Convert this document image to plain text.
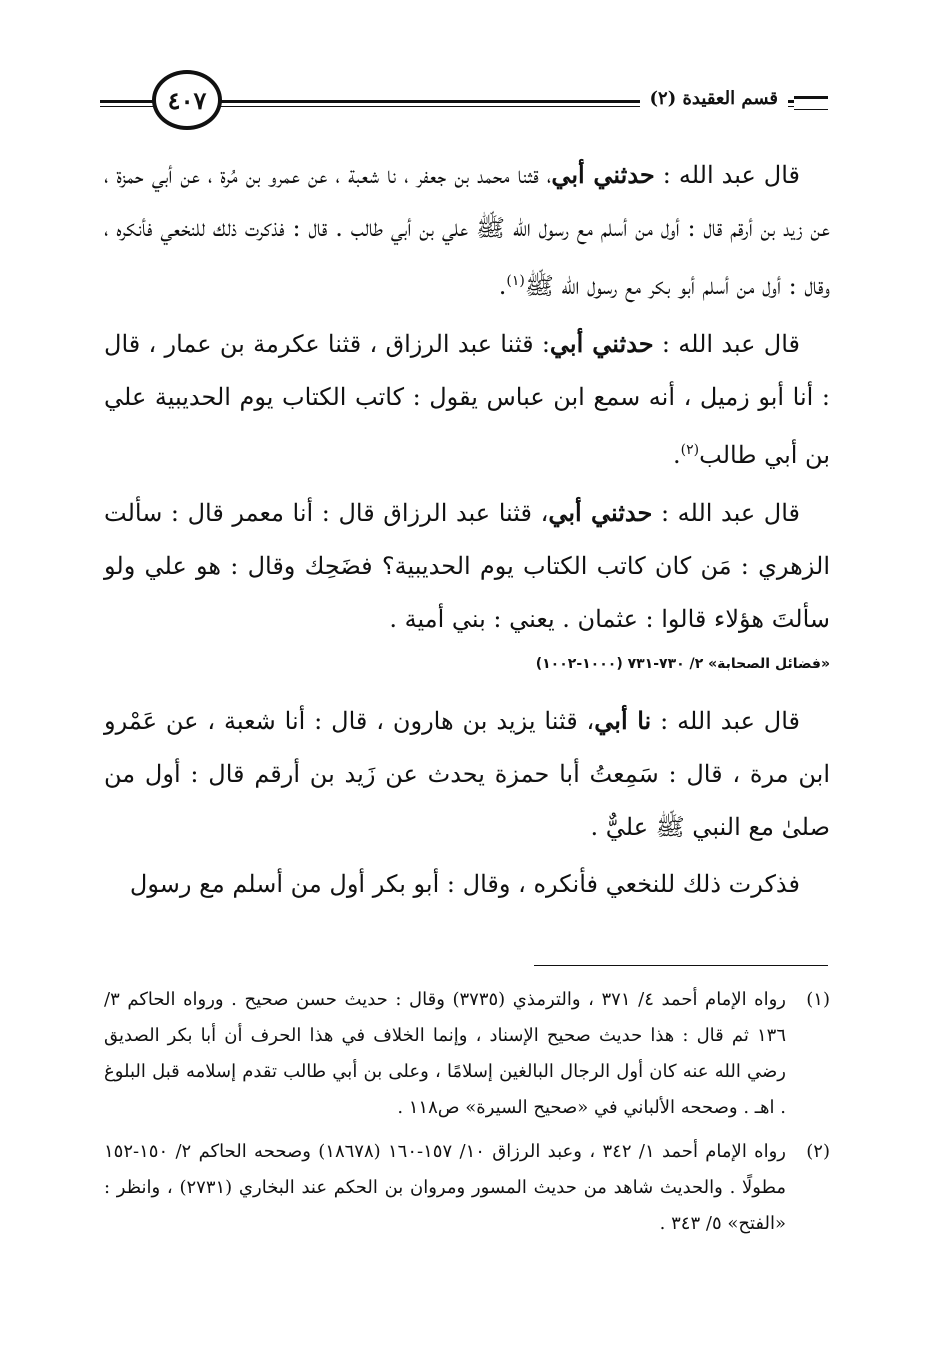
قسم العقيدة (٢)
٤٠٧

قال عبد الله : حدثني أبي، قثنا محمد بن جعفر ، نا شعبة ، عن عمرو بن مُرة ، عن أبي حمزة ، عن زيد بن أرقم قال : أول من أسلم مع رسول الله ﷺ علي بن أبي طالب . قال : فذكرت ذلك للنخعي فأنكره ، وقال : أول من أسلم أبو بكر مع رسول الله ﷺ$^{(١)}$.

قال عبد الله : حدثني أبي: قثنا عبد الرزاق ، قثنا عكرمة بن عمار ، قال : أنا أبو زميل ، أنه سمع ابن عباس يقول : كاتب الكتاب يوم الحديبية علي بن أبي طالب$^{(٢)}$.

قال عبد الله : حدثني أبي، قثنا عبد الرزاق قال : أنا معمر قال : سألت الزهري : مَن كان كاتب الكتاب يوم الحديبية؟ فضَحِك وقال : هو علي ولو سألتَ هؤلاء قالوا : عثمان . يعني : بني أمية .

«فضائل الصحابة» ٢/ ٧٣٠-٧٣١ (١٠٠٠-١٠٠٢)

قال عبد الله : نا أبي، قثنا يزيد بن هارون ، قال : أنا شعبة ، عن عَمْرو ابن مرة ، قال : سَمِعتُ أبا حمزة يحدث عن زَيد بن أرقم قال : أول من صلىٰ مع النبي ﷺ عليٌّ .

فذكرت ذلك للنخعي فأنكره ، وقال : أبو بكر أول من أسلم مع رسول

(١)
رواه الإمام أحمد ٤/ ٣٧١ ، والترمذي (٣٧٣٥) وقال : حديث حسن صحيح . ورواه الحاكم ٣/ ١٣٦ ثم قال : هذا حديث صحيح الإسناد ، وإنما الخلاف في هذا الحرف أن أبا بكر الصديق رضي الله عنه كان أول الرجال البالغين إسلامًا ، وعلى بن أبي طالب تقدم إسلامه قبل البلوغ . اهـ . وصححه الألباني في «صحيح السيرة» ص١١٨ .
(٢)
رواه الإمام أحمد ١/ ٣٤٢ ، وعبد الرزاق ١٠/ ١٥٧-١٦٠ (١٨٦٧٨) وصححه الحاكم ٢/ ١٥٠-١٥٢ مطولًا . والحديث شاهد من حديث المسور ومروان بن الحكم عند البخاري (٢٧٣١) ، وانظر : «الفتح» ٥/ ٣٤٣ .
